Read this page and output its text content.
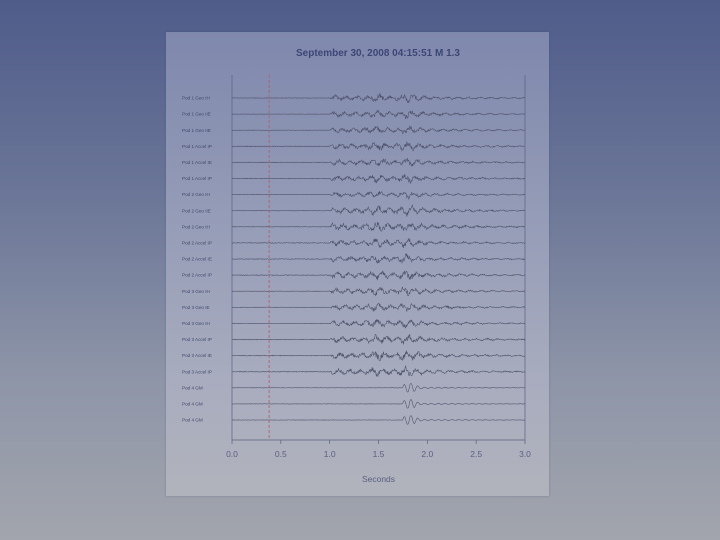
September 30, 2008 04:15:51 M 1.3
Pod 1 Geo IH
Pod 1 Geo IIE
Pod 1 Geo IIE
Pod 1 Accel IP
Pod 1 Accel IE
Pod 1 Accel IP
Pod 2 Geo IH
Pod 2 Geo IIE
Pod 2 Geo IH
Pod 2 Accel IP
Pod 2 Accel IE
Pod 2 Accel IP
Pod 3 Geo IH
Pod 3 Geo IE
Pod 3 Geo IH
Pod 3 Accel IP
Pod 3 Accel IE
Pod 3 Accel IP
Pod 4 GM
Pod 4 GM
Pod 4 GM
0.0	0.5	1.0	1.5	2.0	2.5	3.0
Seconds
